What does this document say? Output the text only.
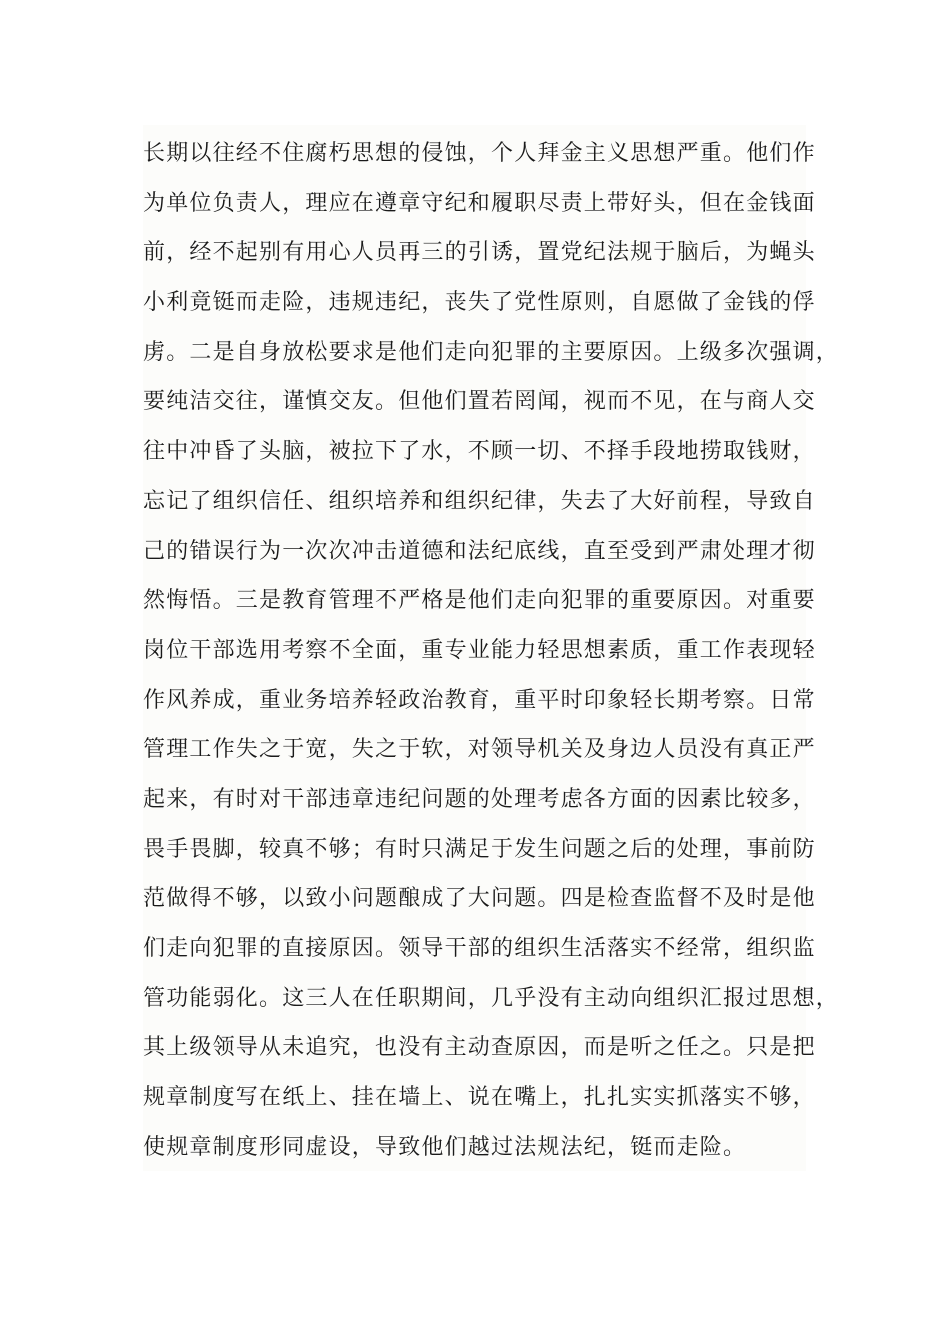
长期以往经不住腐朽思想的侵蚀，个人拜金主义思想严重。他们作
为单位负责人，理应在遵章守纪和履职尽责上带好头，但在金钱面
前，经不起别有用心人员再三的引诱，置党纪法规于脑后，为蝇头
小利竟铤而走险，违规违纪，丧失了党性原则，自愿做了金钱的俘
虏。二是自身放松要求是他们走向犯罪的主要原因。上级多次强调，
要纯洁交往，谨慎交友。但他们置若罔闻，视而不见，在与商人交
往中冲昏了头脑，被拉下了水，不顾一切、不择手段地捞取钱财，
忘记了组织信任、组织培养和组织纪律，失去了大好前程，导致自
己的错误行为一次次冲击道德和法纪底线，直至受到严肃处理才彻
然悔悟。三是教育管理不严格是他们走向犯罪的重要原因。对重要
岗位干部选用考察不全面，重专业能力轻思想素质，重工作表现轻
作风养成，重业务培养轻政治教育，重平时印象轻长期考察。日常
管理工作失之于宽，失之于软，对领导机关及身边人员没有真正严
起来，有时对干部违章违纪问题的处理考虑各方面的因素比较多，
畏手畏脚，较真不够；有时只满足于发生问题之后的处理，事前防
范做得不够，以致小问题酿成了大问题。四是检查监督不及时是他
们走向犯罪的直接原因。领导干部的组织生活落实不经常，组织监
管功能弱化。这三人在任职期间，几乎没有主动向组织汇报过思想，
其上级领导从未追究，也没有主动查原因，而是听之任之。只是把
规章制度写在纸上、挂在墙上、说在嘴上，扎扎实实抓落实不够，
使规章制度形同虚设，导致他们越过法规法纪，铤而走险。
